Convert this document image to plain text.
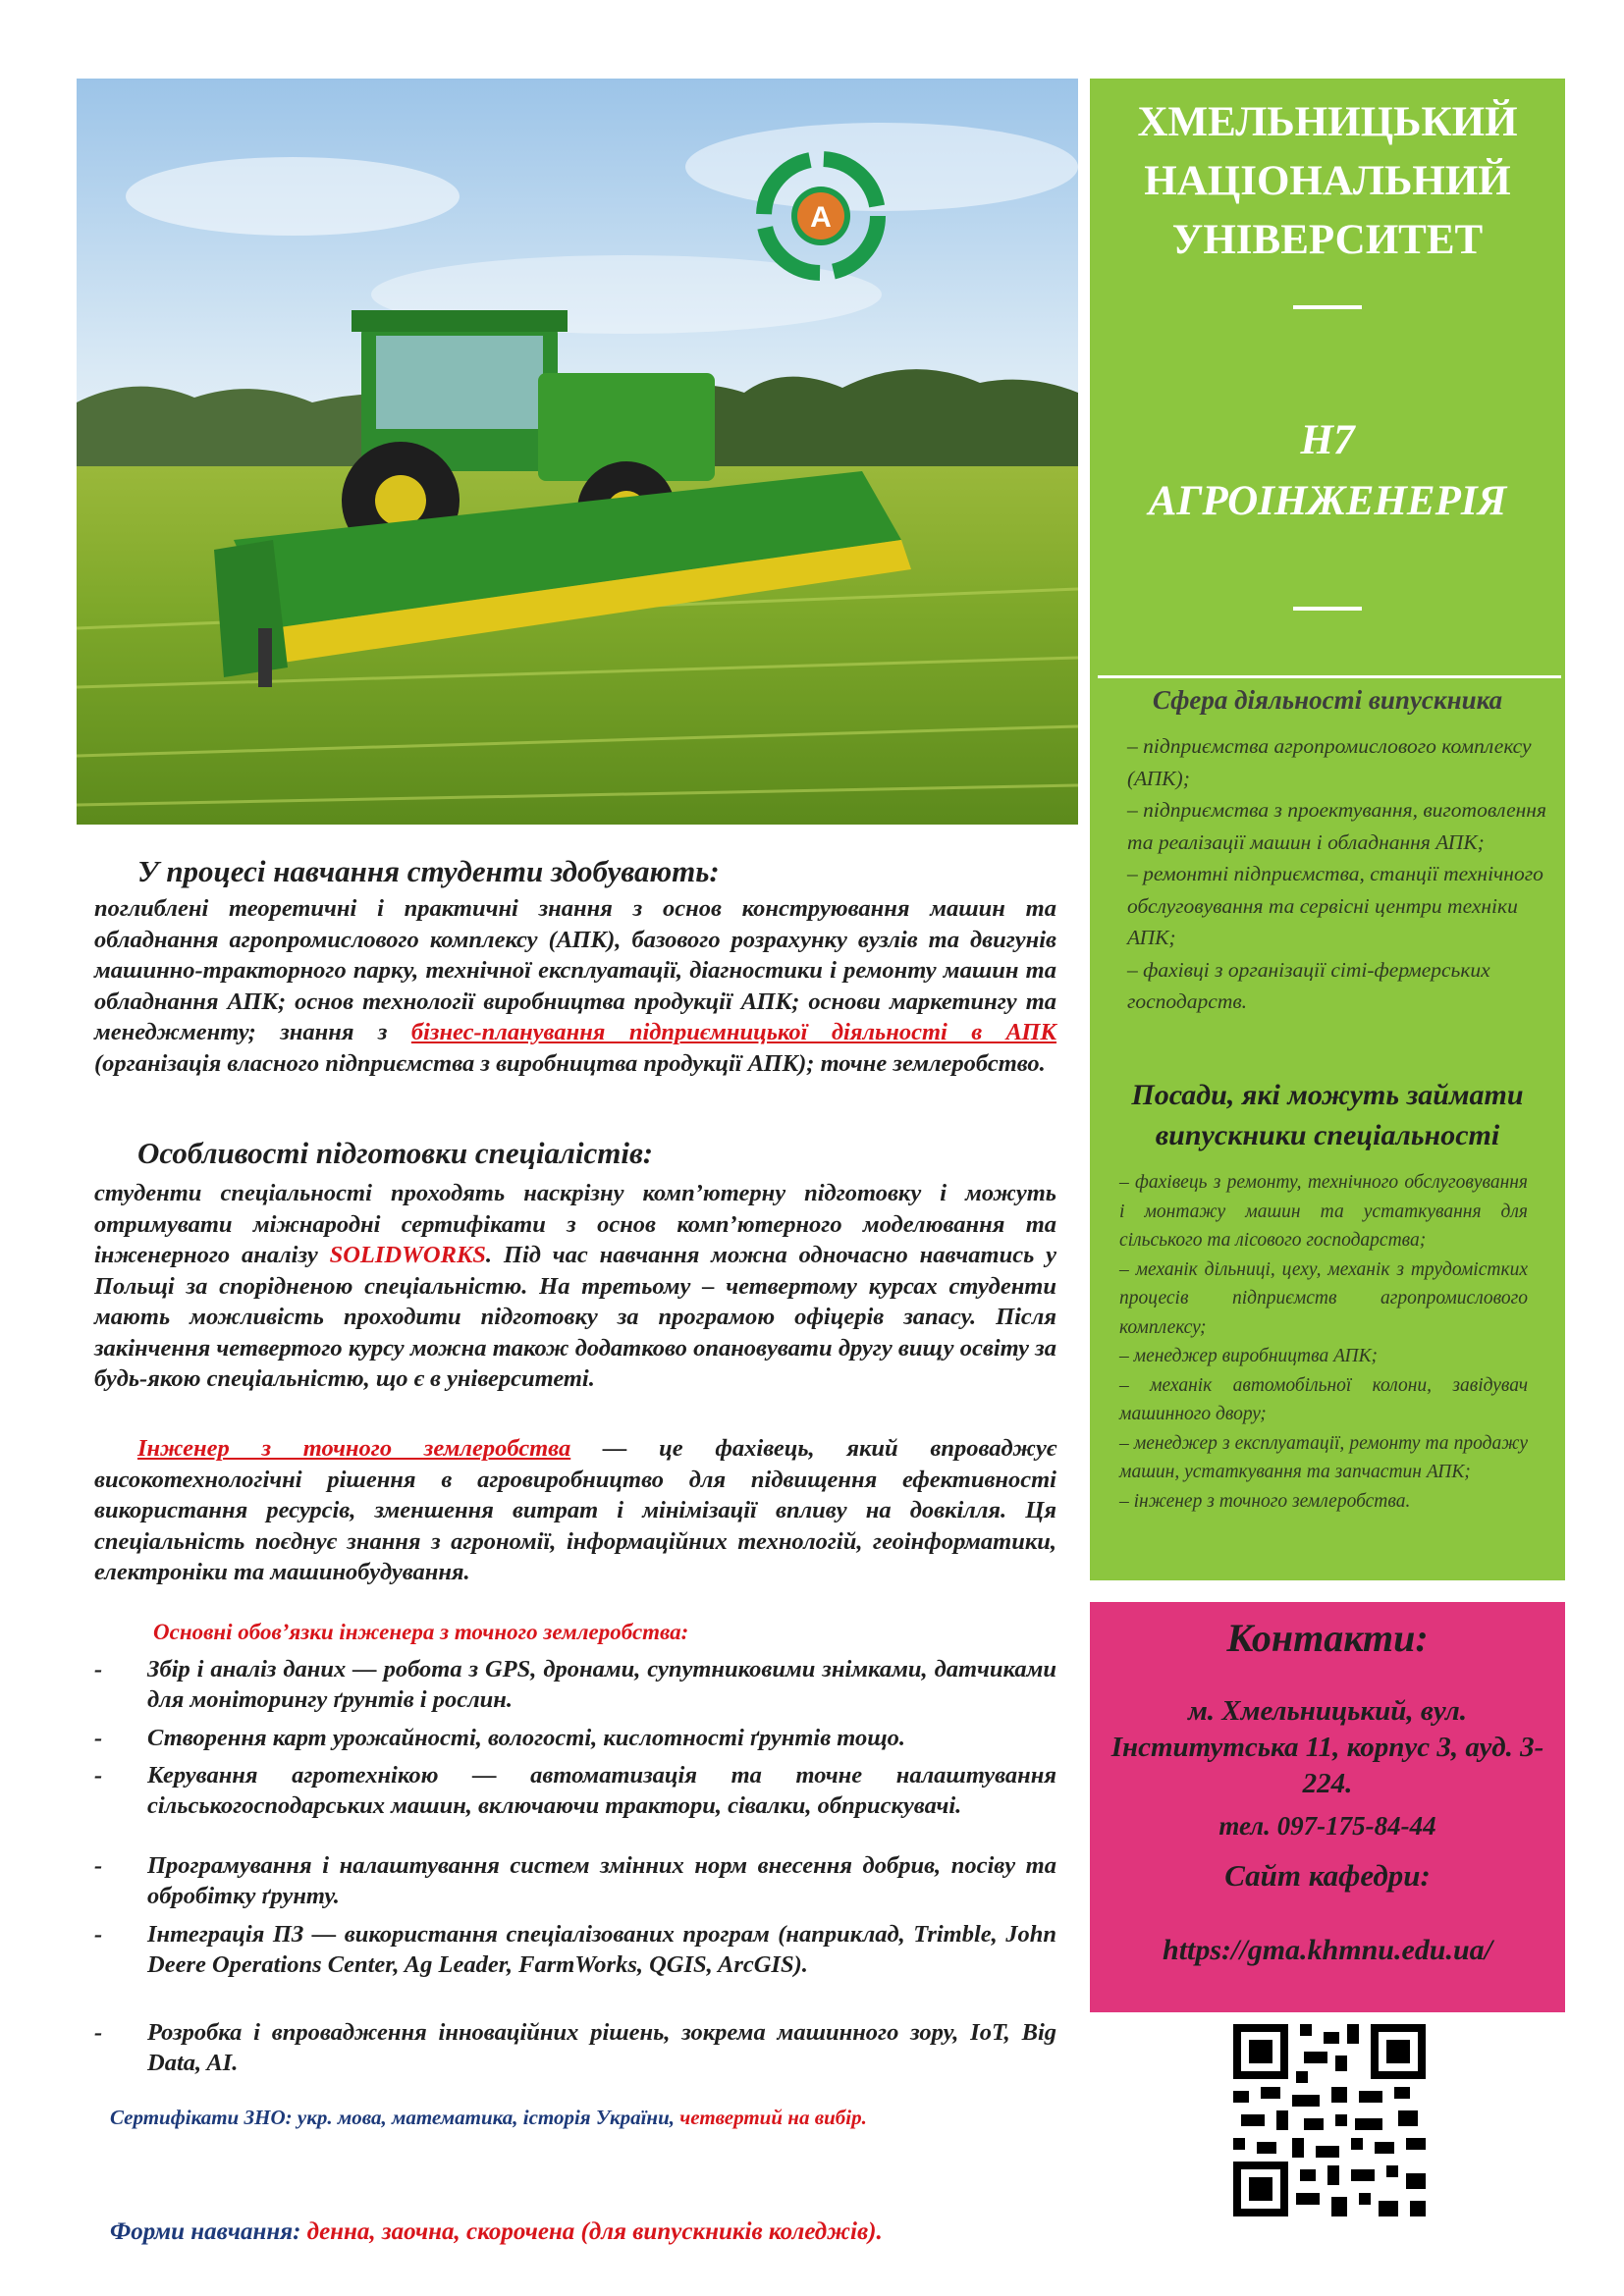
А
ХМЕЛЬНИЦЬКИЙ
НАЦІОНАЛЬНИЙ
УНІВЕРСИТЕТ
H7
АГРОІНЖЕНЕРІЯ
Сфера діяльності випускника
– підприємства агропромислового комплексу (АПК);
– підприємства з проектування, виготовлення та реалізації машин і обладнання АПК;
– ремонтні підприємства, станції технічного обслуговування та сервісні центри техніки АПК;
– фахівці з організації сіті-фермерських господарств.
Посади, які можуть займати випускники спеціальності
– фахівець з ремонту, технічного обслуговування і монтажу машин та устаткування для сільського та лісового господарства;
– механік дільниці, цеху, механік з трудомістких процесів підприємств агропромислового комплексу;
– менеджер виробництва АПК;
– механік автомобільної колони, завідувач машинного двору;
– менеджер з експлуатації, ремонту та продажу машин, устаткування та запчастин АПК;
– інженер з точного землеробства.
Контакти:
м. Хмельницький, вул. Інститутська 11, корпус 3, ауд. 3-224.
тел. 097-175-84-44
Сайт кафедри:
https://gma.khmnu.edu.ua/
У процесі навчання студенти здобувають:
поглиблені теоретичні і практичні знання з основ конструювання машин та обладнання агропромислового комплексу (АПК), базового розрахунку вузлів та двигунів машинно-тракторного парку, технічної експлуатації, діагностики і ремонту машин та обладнання АПК; основ технології виробництва продукції АПК; основи маркетингу та менеджменту; знання з бізнес-планування підприємницької діяльності в АПК (організація власного підприємства з виробництва продукції АПК); точне землеробство.
Особливості підготовки спеціалістів:
студенти спеціальності проходять наскрізну комп’ютерну підготовку і можуть отримувати міжнародні сертифікати з основ комп’ютерного моделювання та інженерного аналізу SOLIDWORKS. Під час навчання можна одночасно навчатись у Польщі за спорідненою спеціальністю. На третьому – четвертому курсах студенти мають можливість проходити підготовку за програмою офіцерів запасу. Після закінчення четвертого курсу можна також додатково опановувати другу вищу освіту за будь-якою спеціальністю, що є в університеті.
Інженер з точного землеробства — це фахівець, який впроваджує високотехнологічні рішення в агровиробництво для підвищення ефективності використання ресурсів, зменшення витрат і мінімізації впливу на довкілля. Ця спеціальність поєднує знання з агрономії, інформаційних технологій, геоінформатики, електроніки та машинобудування.
Основні обов’язки інженера з точного землеробства:
- Збір і аналіз даних — робота з GPS, дронами, супутниковими знімками, датчиками для моніторингу ґрунтів і рослин.
- Створення карт урожайності, вологості, кислотності ґрунтів тощо.
- Керування агротехнікою — автоматизація та точне налаштування сільськогосподарських машин, включаючи трактори, сівалки, обприскувачі.
- Програмування і налаштування систем змінних норм внесення добрив, посіву та обробітку ґрунту.
- Інтеграція ПЗ — використання спеціалізованих програм (наприклад, Trimble, John Deere Operations Center, Ag Leader, FarmWorks, QGIS, ArcGIS).
- Розробка і впровадження інноваційних рішень, зокрема машинного зору, IoT, Big Data, AI.
Сертифікати ЗНО: укр. мова, математика, історія України, четвертий на вибір.
Форми навчання: денна, заочна, скорочена (для випускників коледжів).
